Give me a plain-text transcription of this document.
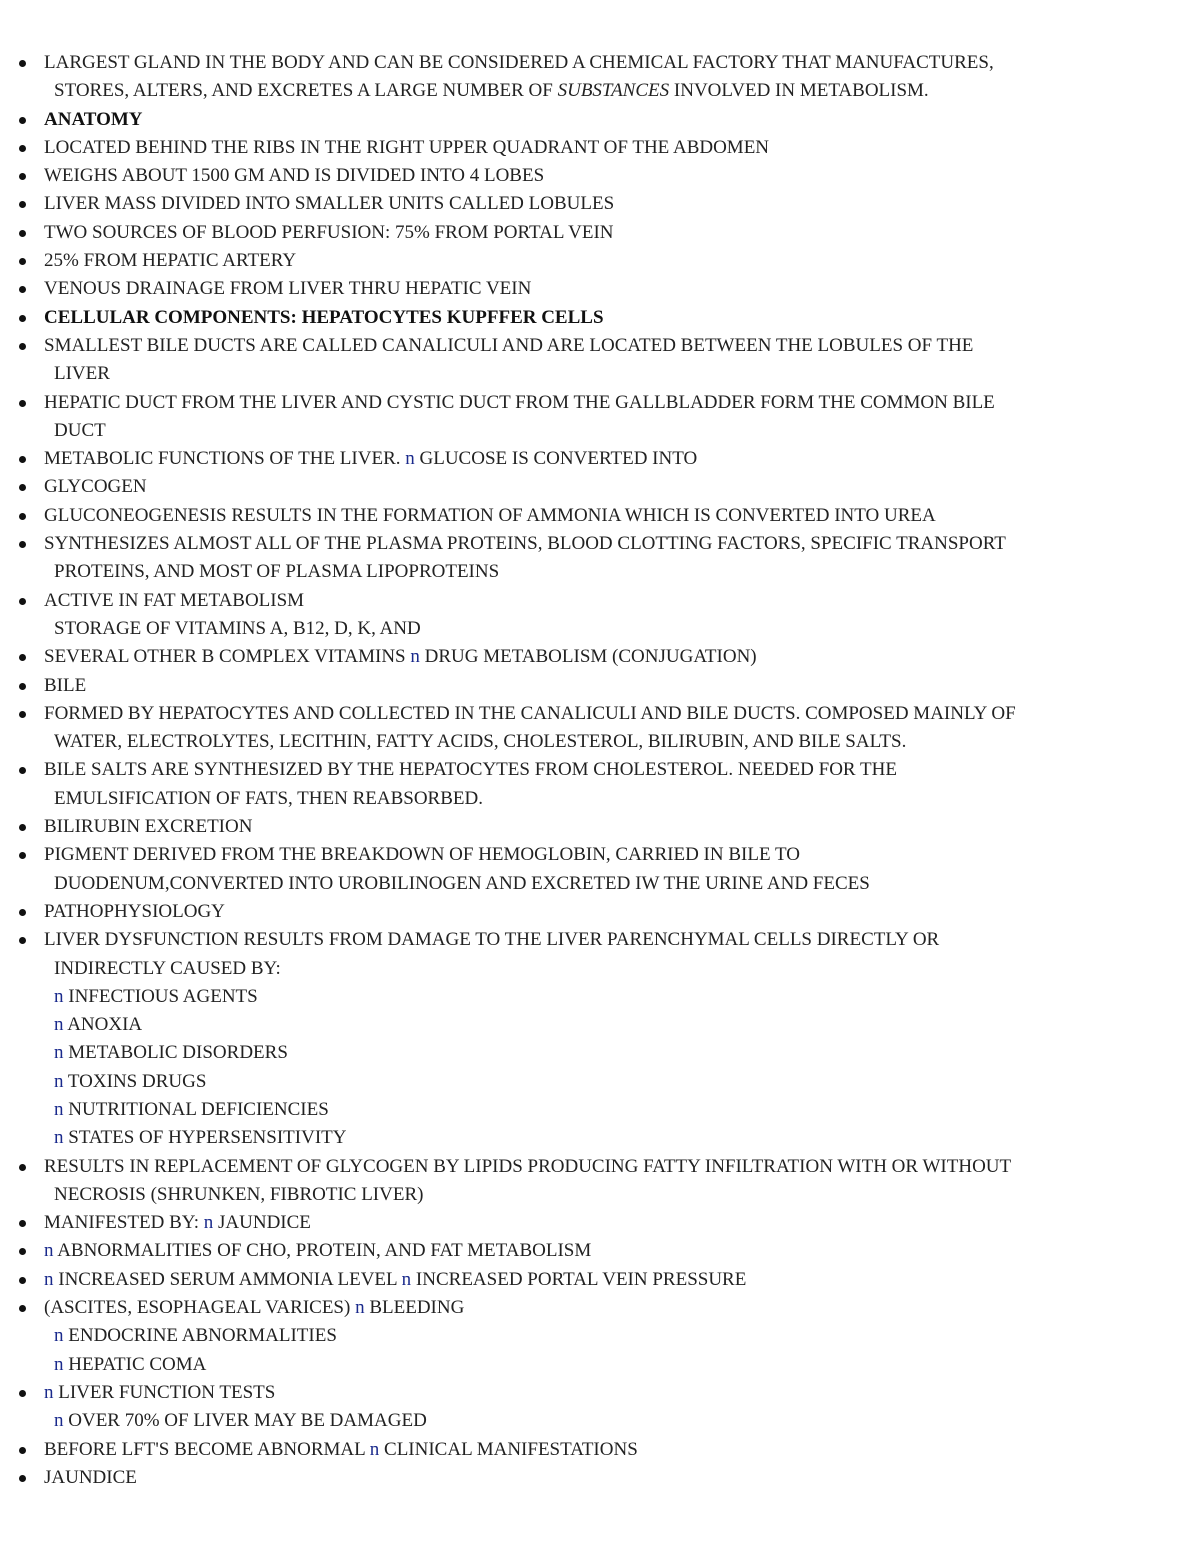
LARGEST GLAND IN THE BODY AND CAN BE CONSIDERED A CHEMICAL FACTORY THAT MANUFACTURES,
STORES, ALTERS, AND EXCRETES A LARGE NUMBER OF SUBSTANCES INVOLVED IN METABOLISM.
ANATOMY
LOCATED BEHIND THE RIBS IN THE RIGHT UPPER QUADRANT OF THE ABDOMEN
WEIGHS ABOUT 1500 GM AND IS DIVIDED INTO 4 LOBES
LIVER MASS DIVIDED INTO SMALLER UNITS CALLED LOBULES
TWO SOURCES OF BLOOD PERFUSION: 75% FROM PORTAL VEIN
25% FROM HEPATIC ARTERY
VENOUS DRAINAGE FROM LIVER THRU HEPATIC VEIN
CELLULAR COMPONENTS: HEPATOCYTES KUPFFER CELLS
SMALLEST BILE DUCTS ARE CALLED CANALICULI AND ARE LOCATED BETWEEN THE LOBULES OF THE
LIVER
HEPATIC DUCT FROM THE LIVER AND CYSTIC DUCT FROM THE GALLBLADDER FORM THE COMMON BILE
DUCT
METABOLIC FUNCTIONS OF THE LIVER. n GLUCOSE IS CONVERTED INTO
GLYCOGEN
GLUCONEOGENESIS RESULTS IN THE FORMATION OF AMMONIA WHICH IS CONVERTED INTO UREA
SYNTHESIZES ALMOST ALL OF THE PLASMA PROTEINS, BLOOD CLOTTING FACTORS, SPECIFIC TRANSPORT
PROTEINS, AND MOST OF PLASMA LIPOPROTEINS
ACTIVE IN FAT METABOLISM
STORAGE OF VITAMINS A, B12, D, K, AND
SEVERAL OTHER B COMPLEX VITAMINS n DRUG METABOLISM (CONJUGATION)
BILE
FORMED BY HEPATOCYTES AND COLLECTED IN THE CANALICULI AND BILE DUCTS. COMPOSED MAINLY OF
WATER, ELECTROLYTES, LECITHIN, FATTY ACIDS, CHOLESTEROL, BILIRUBIN, AND BILE SALTS.
BILE SALTS ARE SYNTHESIZED BY THE HEPATOCYTES FROM CHOLESTEROL. NEEDED FOR THE
EMULSIFICATION OF FATS, THEN REABSORBED.
BILIRUBIN EXCRETION
PIGMENT DERIVED FROM THE BREAKDOWN OF HEMOGLOBIN, CARRIED IN BILE TO
DUODENUM,CONVERTED INTO UROBILINOGEN AND EXCRETED IW THE URINE AND FECES
PATHOPHYSIOLOGY
LIVER DYSFUNCTION RESULTS FROM DAMAGE TO THE LIVER PARENCHYMAL CELLS DIRECTLY OR
INDIRECTLY CAUSED BY:
n INFECTIOUS AGENTS
n ANOXIA
n METABOLIC DISORDERS
n TOXINS DRUGS
n NUTRITIONAL DEFICIENCIES
n STATES OF HYPERSENSITIVITY
RESULTS IN REPLACEMENT OF GLYCOGEN BY LIPIDS PRODUCING FATTY INFILTRATION WITH OR WITHOUT
NECROSIS (SHRUNKEN, FIBROTIC LIVER)
MANIFESTED BY: n JAUNDICE
n ABNORMALITIES OF CHO, PROTEIN, AND FAT METABOLISM
n INCREASED SERUM AMMONIA LEVEL n INCREASED PORTAL VEIN PRESSURE
(ASCITES, ESOPHAGEAL VARICES) n BLEEDING
n ENDOCRINE ABNORMALITIES
n HEPATIC COMA
n LIVER FUNCTION TESTS
n OVER 70% OF LIVER MAY BE DAMAGED
BEFORE LFT'S BECOME ABNORMAL n CLINICAL MANIFESTATIONS
JAUNDICE
